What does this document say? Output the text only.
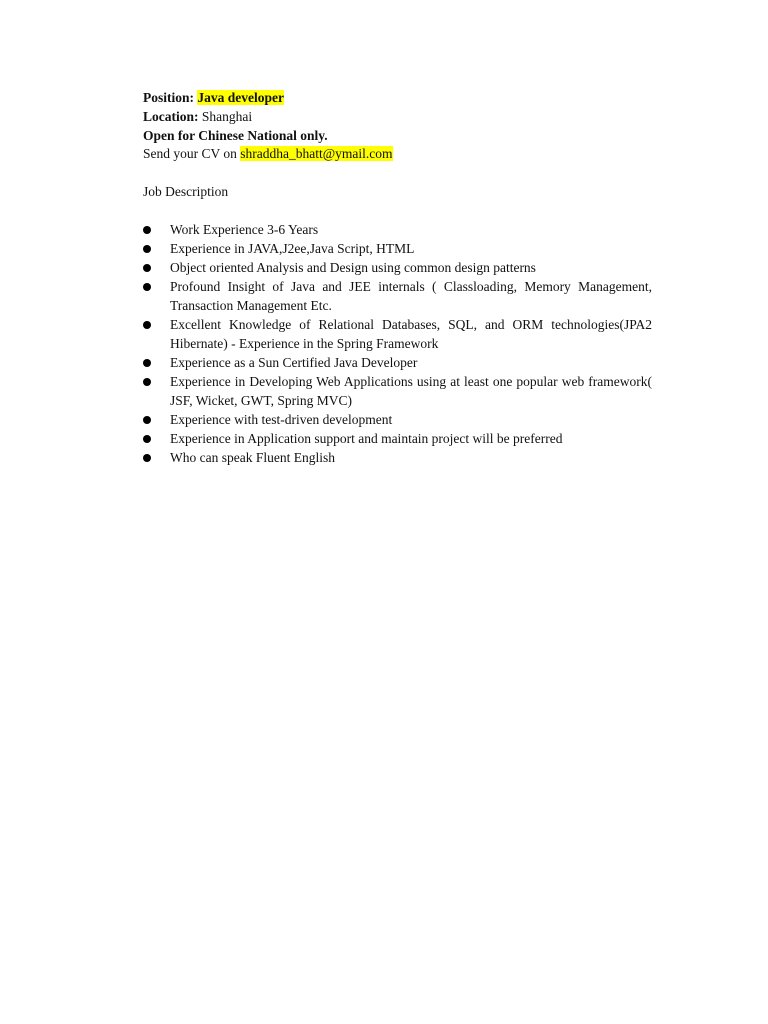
Position: Java developer
Location: Shanghai
Open for Chinese National only.
Send your CV on shraddha_bhatt@ymail.com
Job Description
Work Experience 3-6 Years
Experience in JAVA,J2ee,Java Script, HTML
Object oriented Analysis and Design using common design patterns
Profound Insight of Java and JEE internals ( Classloading, Memory Management, Transaction Management Etc.
Excellent Knowledge of Relational Databases, SQL, and ORM technologies(JPA2 Hibernate) - Experience in the Spring Framework
Experience as a Sun Certified Java Developer
Experience in Developing Web Applications using at least one popular web framework( JSF, Wicket, GWT, Spring MVC)
Experience with test-driven development
Experience in Application support and maintain project will be preferred
Who can speak Fluent English
